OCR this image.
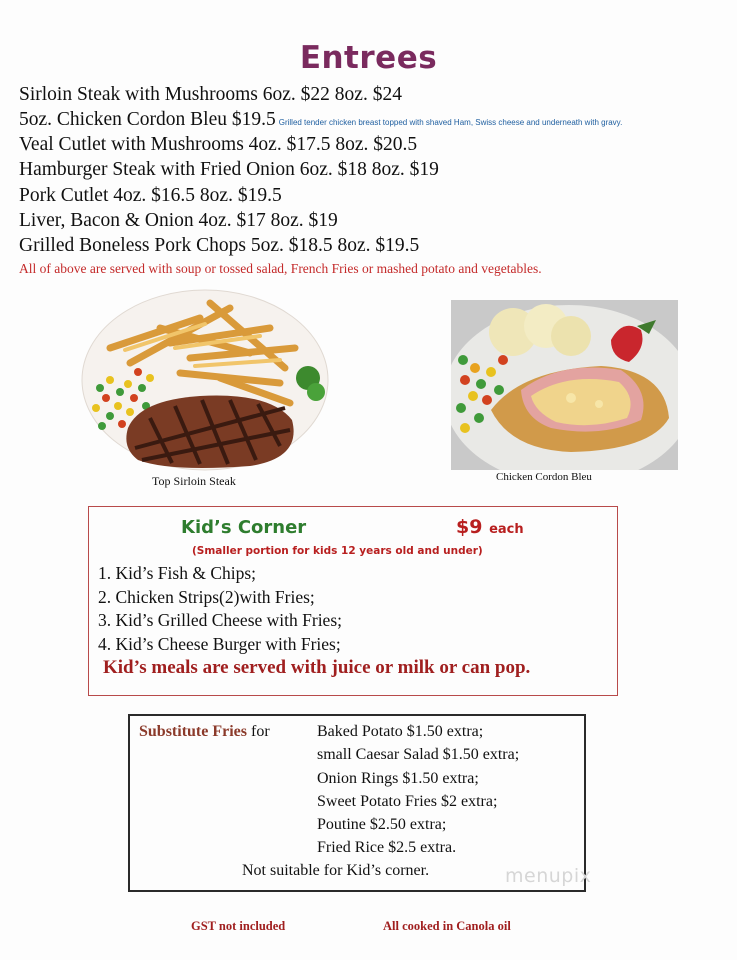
Entrees
Sirloin Steak with Mushrooms 6oz. $22 8oz. $24
5oz. Chicken Cordon Bleu $19.5 Grilled tender chicken breast topped with shaved Ham, Swiss cheese and underneath with gravy.
Veal Cutlet with Mushrooms 4oz. $17.5 8oz. $20.5
Hamburger Steak with Fried Onion 6oz. $18 8oz. $19
Pork Cutlet 4oz. $16.5 8oz. $19.5
Liver, Bacon & Onion 4oz. $17 8oz. $19
Grilled Boneless Pork Chops 5oz. $18.5 8oz. $19.5
All of above are served with soup or tossed salad, French Fries or mashed potato and vegetables.
Top Sirloin Steak	Chicken Cordon Bleu
Kid’s Corner	$9 each
(Smaller portion for kids 12 years old and under)
1. Kid’s Fish & Chips;
2. Chicken Strips(2)with Fries;
3. Kid’s Grilled Cheese with Fries;
4. Kid’s Cheese Burger with Fries;
Kid’s meals are served with juice or milk or can pop.
Substitute Fries for	Baked Potato $1.50 extra;
small Caesar Salad $1.50 extra;
Onion Rings $1.50 extra;
Sweet Potato Fries $2 extra;
Poutine $2.50 extra;
Fried Rice $2.5 extra.
Not suitable for Kid’s corner.	menupix
GST not included	All cooked in Canola oil
